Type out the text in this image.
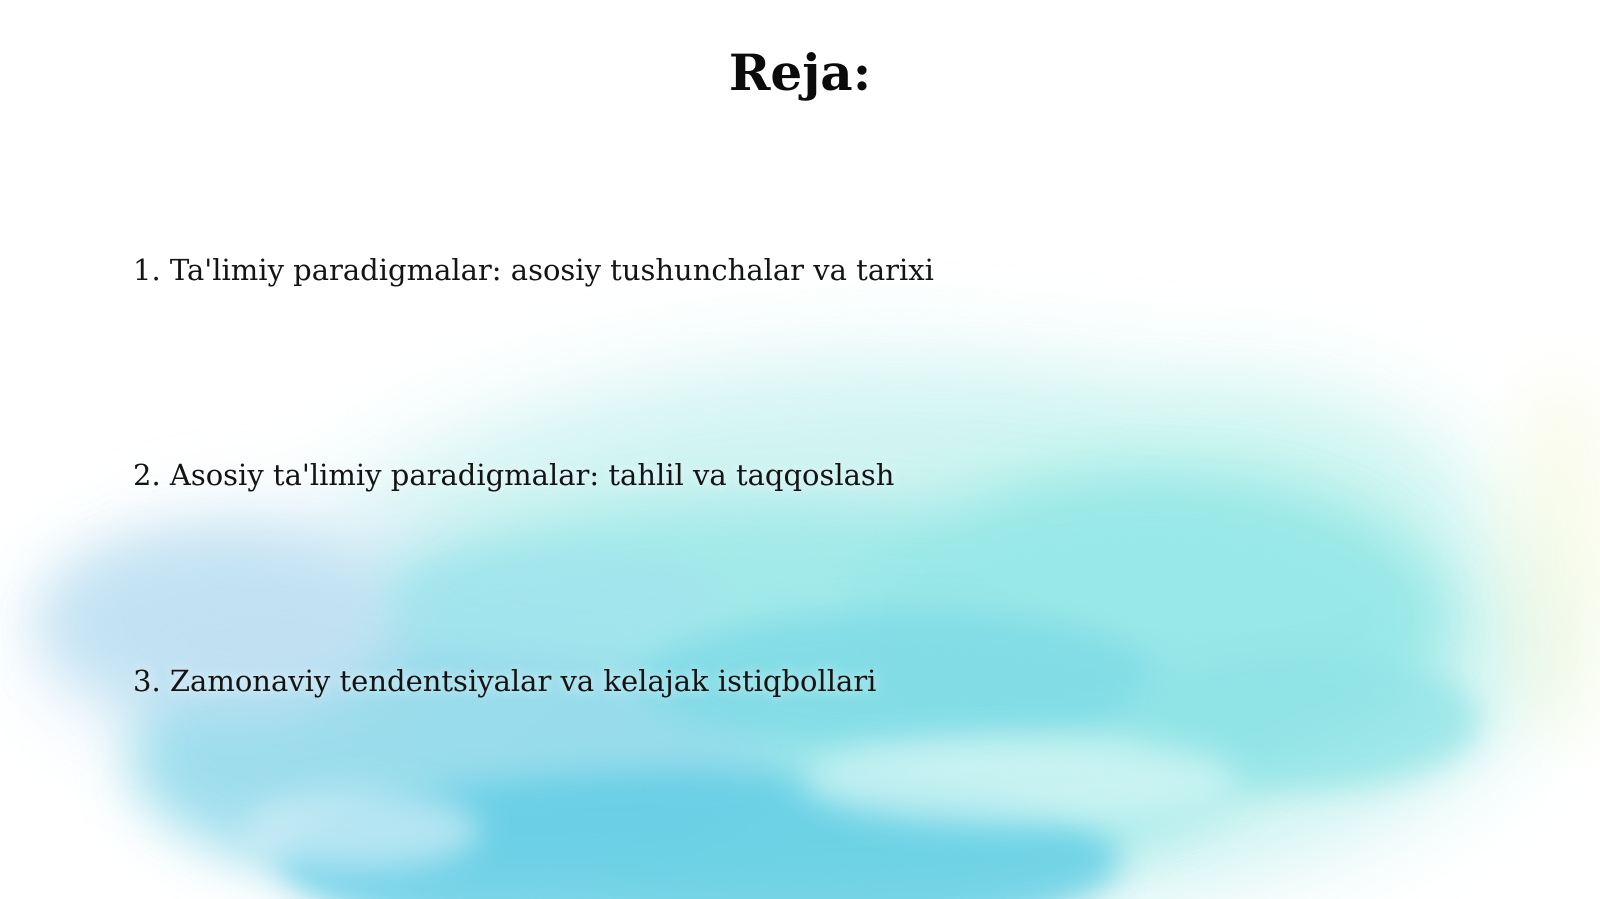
Reja:
1. Ta'limiy paradigmalar: asosiy tushunchalar va tarixi
2. Asosiy ta'limiy paradigmalar: tahlil va taqqoslash
3. Zamonaviy tendentsiyalar va kelajak istiqbollari
